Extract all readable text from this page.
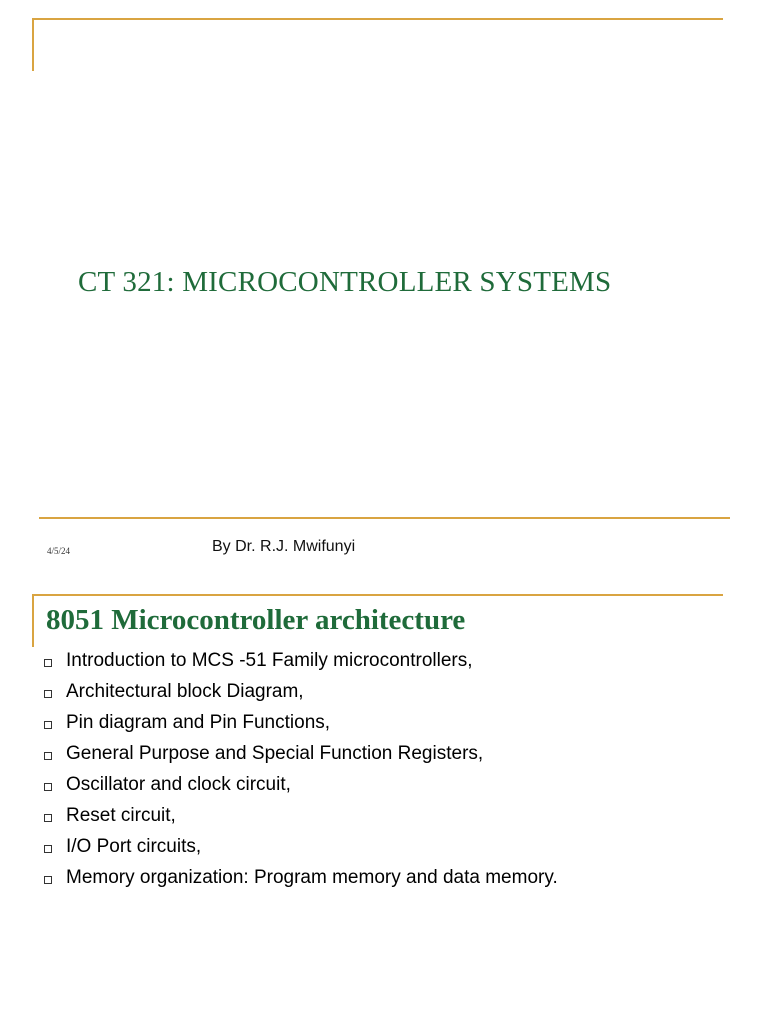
CT 321: MICROCONTROLLER SYSTEMS
4/5/24	By Dr. R.J. Mwifunyi
8051 Microcontroller architecture
Introduction to MCS -51 Family microcontrollers,
Architectural block Diagram,
Pin diagram and Pin Functions,
General Purpose and Special Function Registers,
Oscillator and clock circuit,
Reset circuit,
I/O Port circuits,
Memory organization: Program memory and data memory.
